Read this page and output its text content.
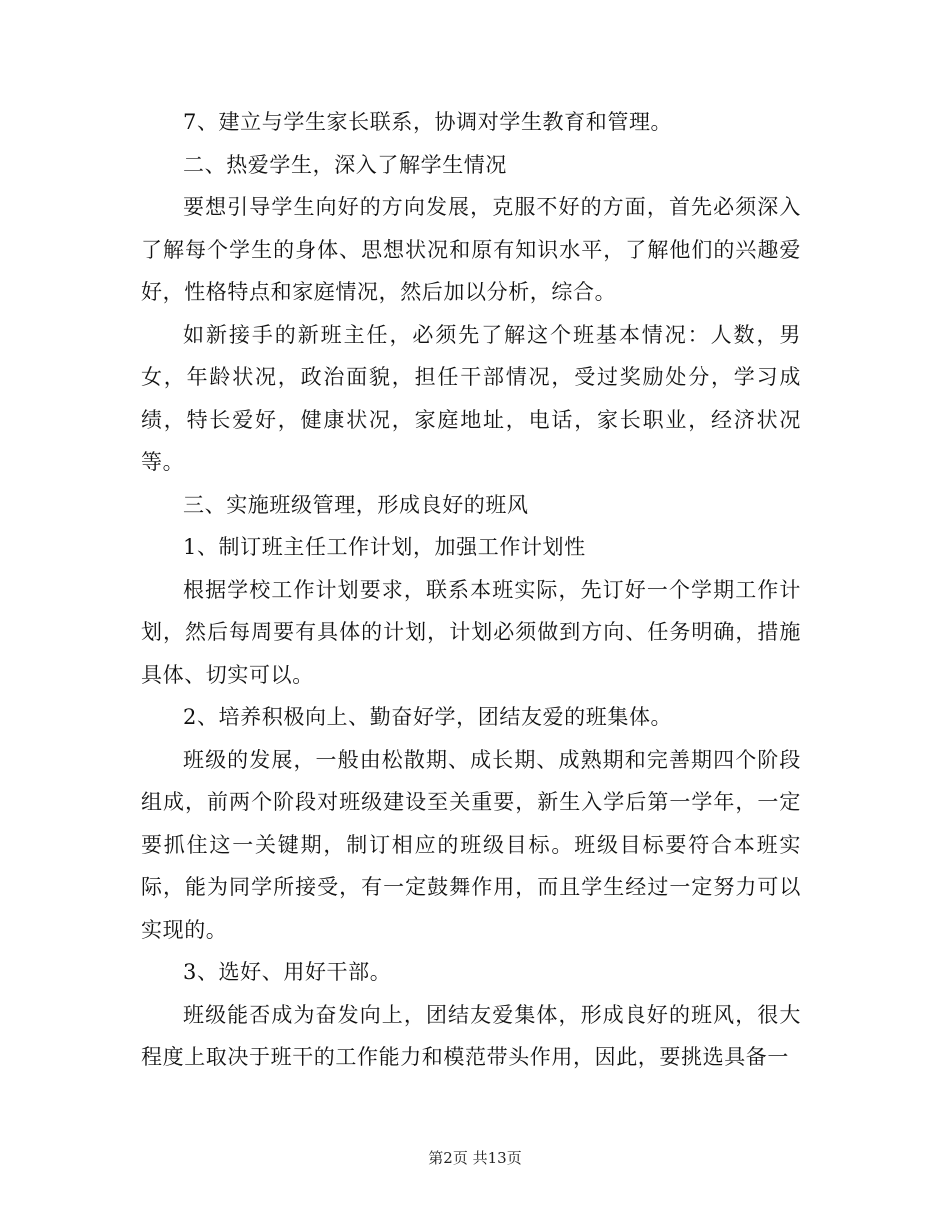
7、建立与学生家长联系，协调对学生教育和管理。

二、热爱学生，深入了解学生情况

要想引导学生向好的方向发展，克服不好的方面，首先必须深入了解每个学生的身体、思想状况和原有知识水平，了解他们的兴趣爱好，性格特点和家庭情况，然后加以分析，综合。

如新接手的新班主任，必须先了解这个班基本情况：人数，男女，年龄状况，政治面貌，担任干部情况，受过奖励处分，学习成绩，特长爱好，健康状况，家庭地址，电话，家长职业，经济状况等。

三、实施班级管理，形成良好的班风

1、制订班主任工作计划，加强工作计划性

根据学校工作计划要求，联系本班实际，先订好一个学期工作计划，然后每周要有具体的计划，计划必须做到方向、任务明确，措施具体、切实可以。

2、培养积极向上、勤奋好学，团结友爱的班集体。

班级的发展，一般由松散期、成长期、成熟期和完善期四个阶段组成，前两个阶段对班级建设至关重要，新生入学后第一学年，一定要抓住这一关键期，制订相应的班级目标。班级目标要符合本班实际，能为同学所接受，有一定鼓舞作用，而且学生经过一定努力可以实现的。

3、选好、用好干部。

班级能否成为奋发向上，团结友爱集体，形成良好的班风，很大程度上取决于班干的工作能力和模范带头作用，因此，要挑选具备一

第2页 共13页
